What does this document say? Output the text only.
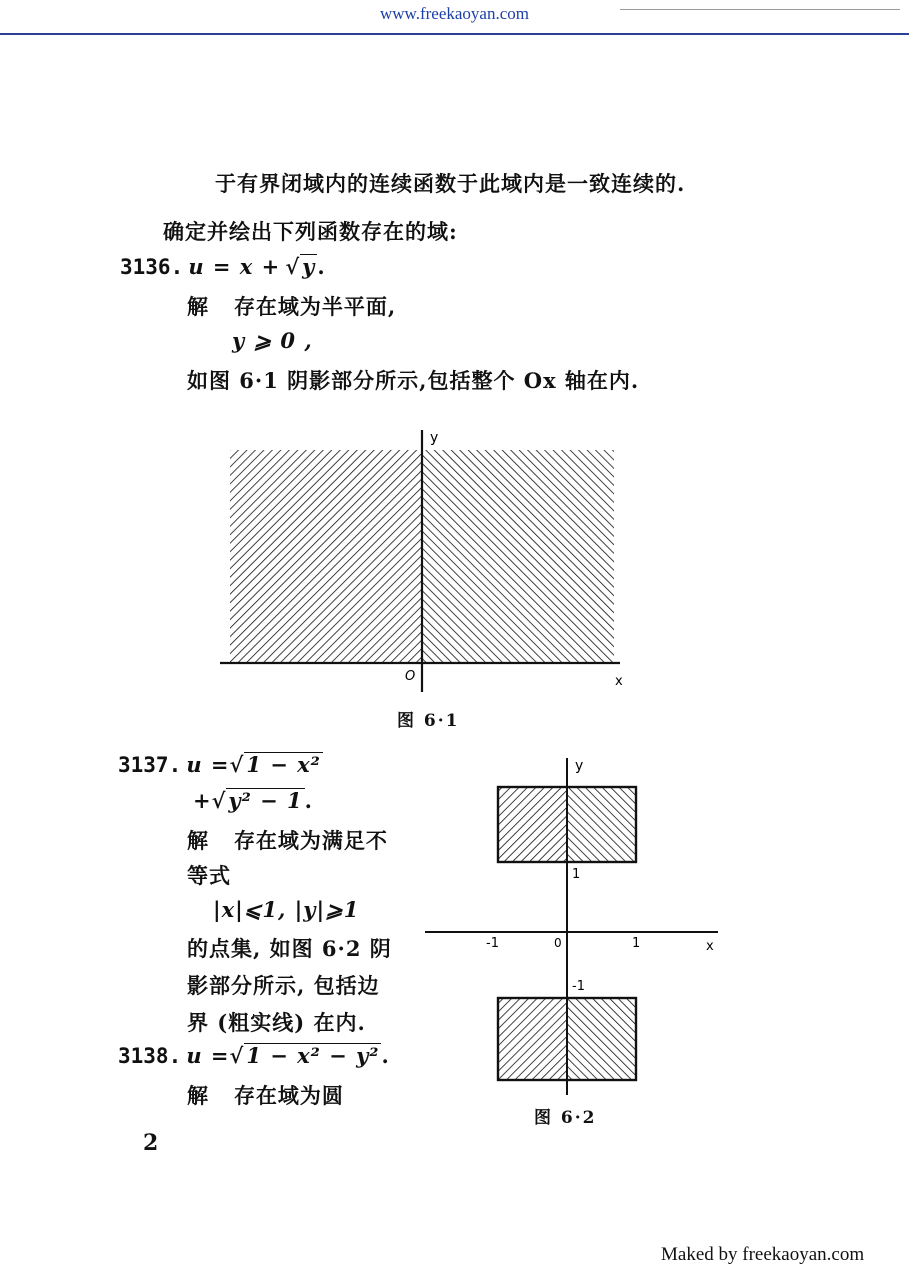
www.freekaoyan.com
于有界闭域内的连续函数于此域内是一致连续的.
确定并绘出下列函数存在的域:
3136. u = x + √y.
解 存在域为半平面,
y ⩾ 0 ,
如图 6·1 阴影部分所示,包括整个 Ox 轴在内.
y
x
O
图 6·1
3137. u =√1 − x²
+√y² − 1.
解 存在域为满足不
等式
|x|⩽1, |y|⩾1
的点集, 如图 6·2 阴
影部分所示, 包括边
界 (粗实线) 在内.
y
x
0
-1	1
1
-1
图 6·2
3138. u =√1 − x² − y².
解 存在域为圆
2
Maked by freekaoyan.com
